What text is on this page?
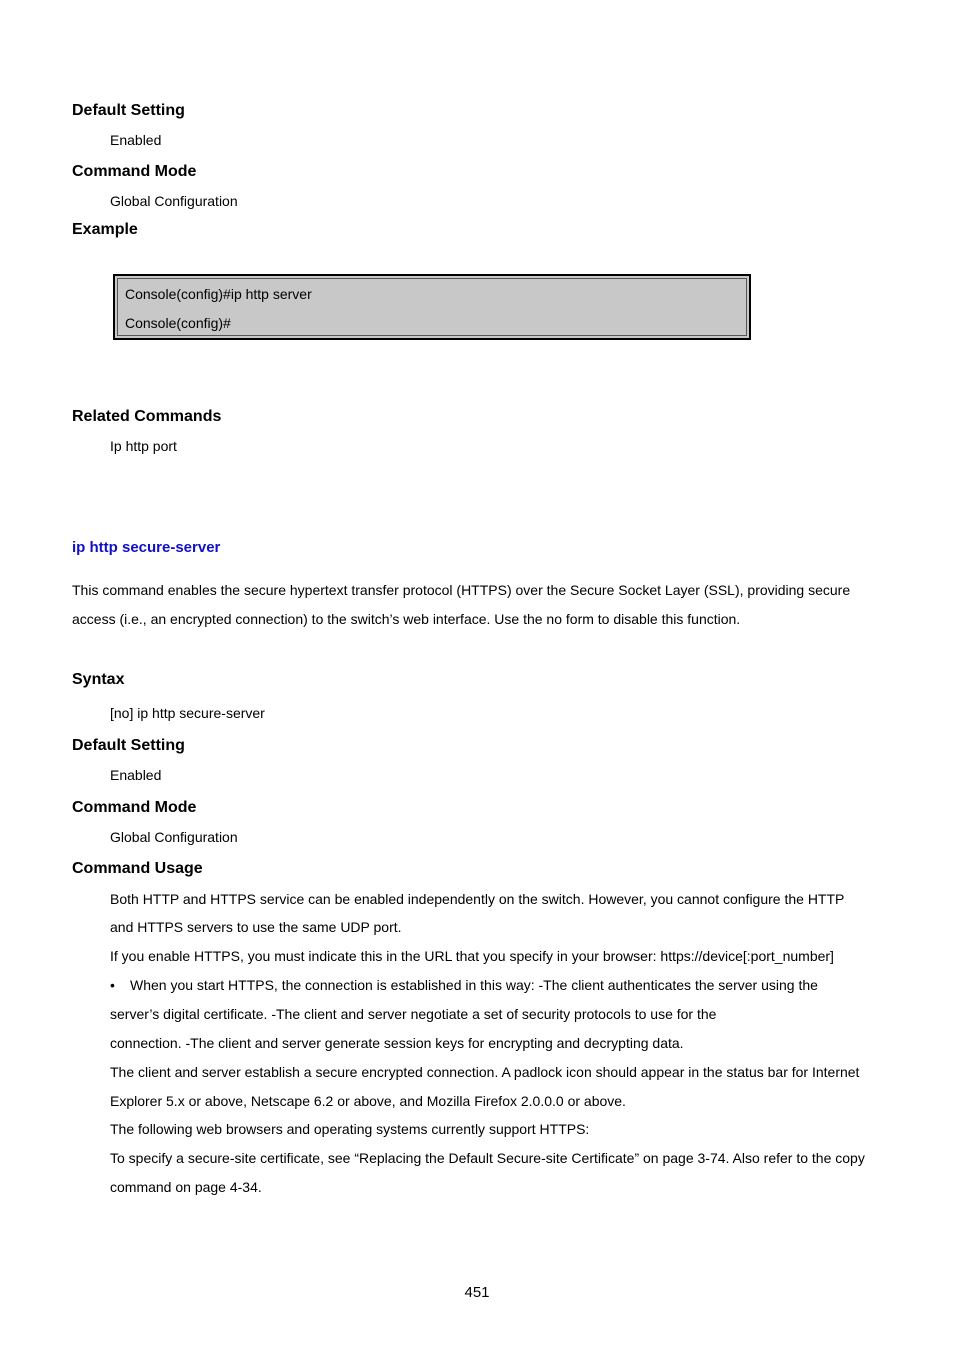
Default Setting
Enabled
Command Mode
Global Configuration
Example
Console(config)#ip http server
Console(config)#
Related Commands
Ip http port
ip http secure-server
This command enables the secure hypertext transfer protocol (HTTPS) over the Secure Socket Layer (SSL), providing secure
access (i.e., an encrypted connection) to the switch’s web interface. Use the no form to disable this function.
Syntax
[no] ip http secure-server
Default Setting
Enabled
Command Mode
Global Configuration
Command Usage
Both HTTP and HTTPS service can be enabled independently on the switch. However, you cannot configure the HTTP
and HTTPS servers to use the same UDP port.
If you enable HTTPS, you must indicate this in the URL that you specify in your browser: https://device[:port_number]
• When you start HTTPS, the connection is established in this way: -The client authenticates the server using the
server’s digital certificate. -The client and server negotiate a set of security protocols to use for the
connection. -The client and server generate session keys for encrypting and decrypting data.
The client and server establish a secure encrypted connection. A padlock icon should appear in the status bar for Internet
Explorer 5.x or above, Netscape 6.2 or above, and Mozilla Firefox 2.0.0.0 or above.
The following web browsers and operating systems currently support HTTPS:
To specify a secure-site certificate, see “Replacing the Default Secure-site Certificate” on page 3-74. Also refer to the copy
command on page 4-34.
451
